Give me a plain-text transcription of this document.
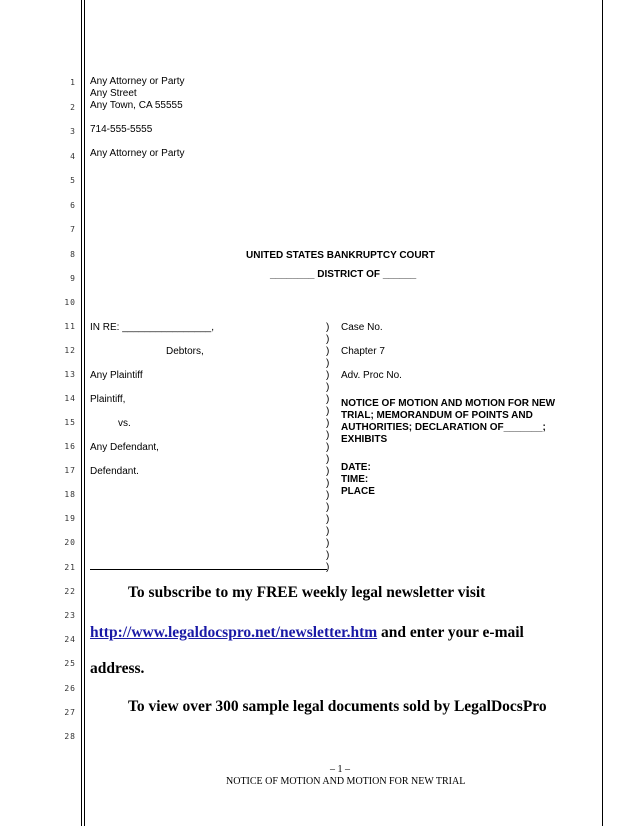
1
2
3
4
5
6
7
8
9
10
11
12
13
14
15
16
17
18
19
20
21
22
23
24
25
26
27
28
Any Attorney or Party
Any Street
Any Town, CA 55555
714-555-5555
Any Attorney or Party
UNITED STATES BANKRUPTCY COURT
________ DISTRICT OF ______
IN RE: ________________,
Debtors,
Any Plaintiff
Plaintiff,
vs.
Any Defendant,
Defendant.
)
)
)
)
)
)
)
)
)
)
)
)
)
)
)
)
)
)
)
)
)
Case No.
Chapter 7
Adv. Proc No.
NOTICE OF MOTION AND MOTION FOR NEW
TRIAL; MEMORANDUM OF POINTS AND
AUTHORITIES; DECLARATION OF_______;
EXHIBITS
DATE:
TIME:
PLACE
To subscribe to my FREE weekly legal newsletter visit
http://www.legaldocspro.net/newsletter.htm and enter your e-mail
address.
To view over 300 sample legal documents sold by LegalDocsPro
– 1 –
NOTICE OF MOTION AND MOTION FOR NEW TRIAL
